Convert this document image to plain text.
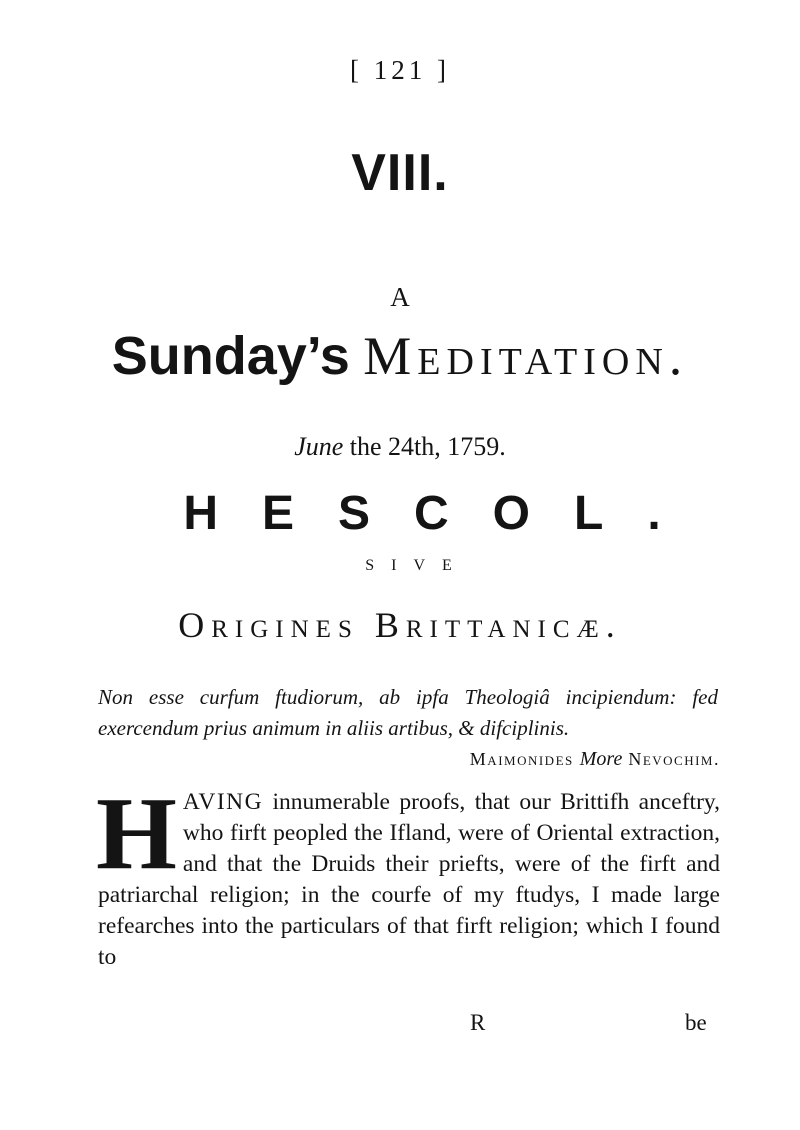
[ 121 ]
VIII.
A
Sunday’s Meditation.
June the 24th, 1759.
HESCOL.
SIVE
Origines Brittanicæ.
Non esse curfum ftudiorum, ab ipfa Theologiâ incipiendum: fed exercendum prius animum in aliis artibus, & difciplinis.
Maimonides More Nevochim.
HAVING innumerable proofs, that our Brittifh anceftry, who firft peopled the Ifland, were of Oriental extraction, and that the Druids their priefts, were of the firft and patriarchal religion; in the courfe of my ftudys, I made large refearches into the particulars of that firft religion; which I found to
R	be
